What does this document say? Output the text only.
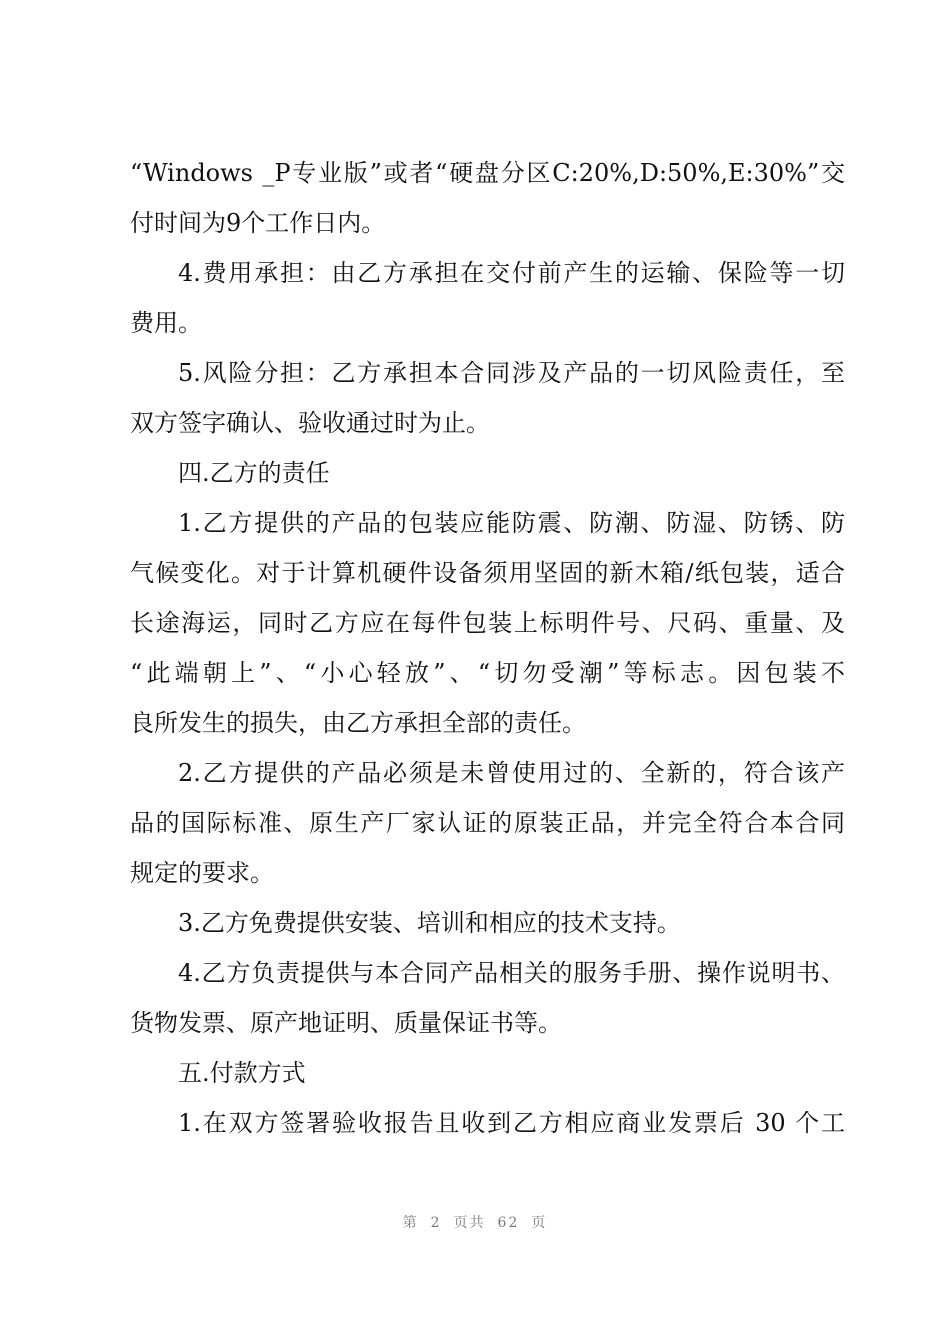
“Windows _P专业版”或者“硬盘分区C:20%,D:50%,E:30%”交
付时间为9个工作日内。
4.费用承担：由乙方承担在交付前产生的运输、保险等一切
费用。
5.风险分担：乙方承担本合同涉及产品的一切风险责任，至
双方签字确认、验收通过时为止。
四.乙方的责任
1.乙方提供的产品的包装应能防震、防潮、防湿、防锈、防
气候变化。对于计算机硬件设备须用坚固的新木箱/纸包装，适合
长途海运，同时乙方应在每件包装上标明件号、尺码、重量、及
“此端朝上”、“小心轻放”、“切勿受潮”等标志。因包装不
良所发生的损失，由乙方承担全部的责任。
2.乙方提供的产品必须是未曾使用过的、全新的，符合该产
品的国际标准、原生产厂家认证的原装正品，并完全符合本合同
规定的要求。
3.乙方免费提供安装、培训和相应的技术支持。
4.乙方负责提供与本合同产品相关的服务手册、操作说明书、
货物发票、原产地证明、质量保证书等。
五.付款方式
1.在双方签署验收报告且收到乙方相应商业发票后 30 个工
第 2 页共 62 页
